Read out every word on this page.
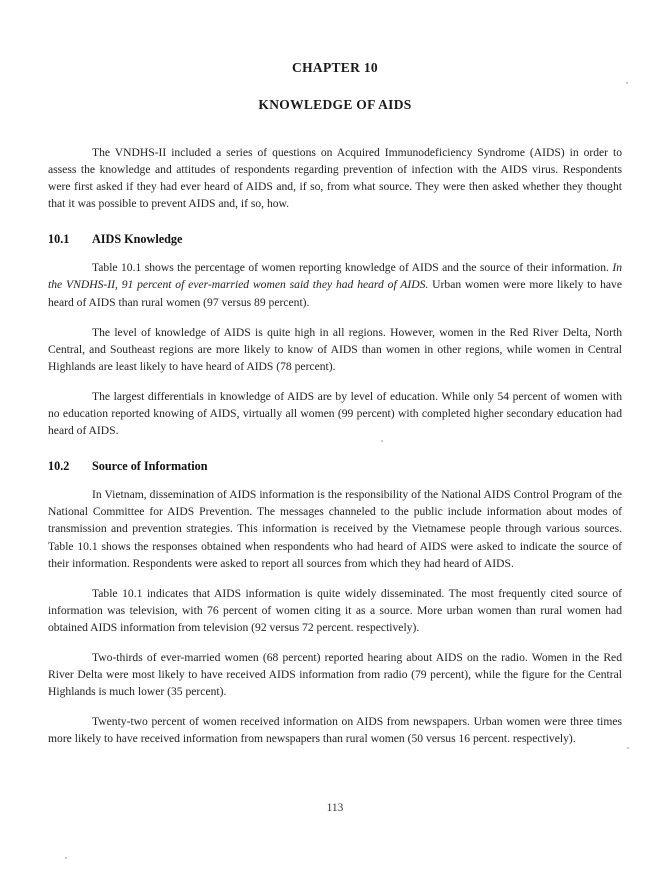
CHAPTER 10
KNOWLEDGE OF AIDS

The VNDHS-II included a series of questions on Acquired Immunodeficiency Syndrome (AIDS) in order to assess the knowledge and attitudes of respondents regarding prevention of infection with the AIDS virus. Respondents were first asked if they had ever heard of AIDS and, if so, from what source. They were then asked whether they thought that it was possible to prevent AIDS and, if so, how.

10.1	AIDS Knowledge

Table 10.1 shows the percentage of women reporting knowledge of AIDS and the source of their information. In the VNDHS-II, 91 percent of ever-married women said they had heard of AIDS. Urban women were more likely to have heard of AIDS than rural women (97 versus 89 percent).

The level of knowledge of AIDS is quite high in all regions. However, women in the Red River Delta, North Central, and Southeast regions are more likely to know of AIDS than women in other regions, while women in Central Highlands are least likely to have heard of AIDS (78 percent).

The largest differentials in knowledge of AIDS are by level of education. While only 54 percent of women with no education reported knowing of AIDS, virtually all women (99 percent) with completed higher secondary education had heard of AIDS.

10.2	Source of Information

In Vietnam, dissemination of AIDS information is the responsibility of the National AIDS Control Program of the National Committee for AIDS Prevention. The messages channeled to the public include information about modes of transmission and prevention strategies. This information is received by the Vietnamese people through various sources. Table 10.1 shows the responses obtained when respondents who had heard of AIDS were asked to indicate the source of their information. Respondents were asked to report all sources from which they had heard of AIDS.

Table 10.1 indicates that AIDS information is quite widely disseminated. The most frequently cited source of information was television, with 76 percent of women citing it as a source. More urban women than rural women had obtained AIDS information from television (92 versus 72 percent. respectively).

Two-thirds of ever-married women (68 percent) reported hearing about AIDS on the radio. Women in the Red River Delta were most likely to have received AIDS information from radio (79 percent), while the figure for the Central Highlands is much lower (35 percent).

Twenty-two percent of women received information on AIDS from newspapers. Urban women were three times more likely to have received information from newspapers than rural women (50 versus 16 percent. respectively).

113
